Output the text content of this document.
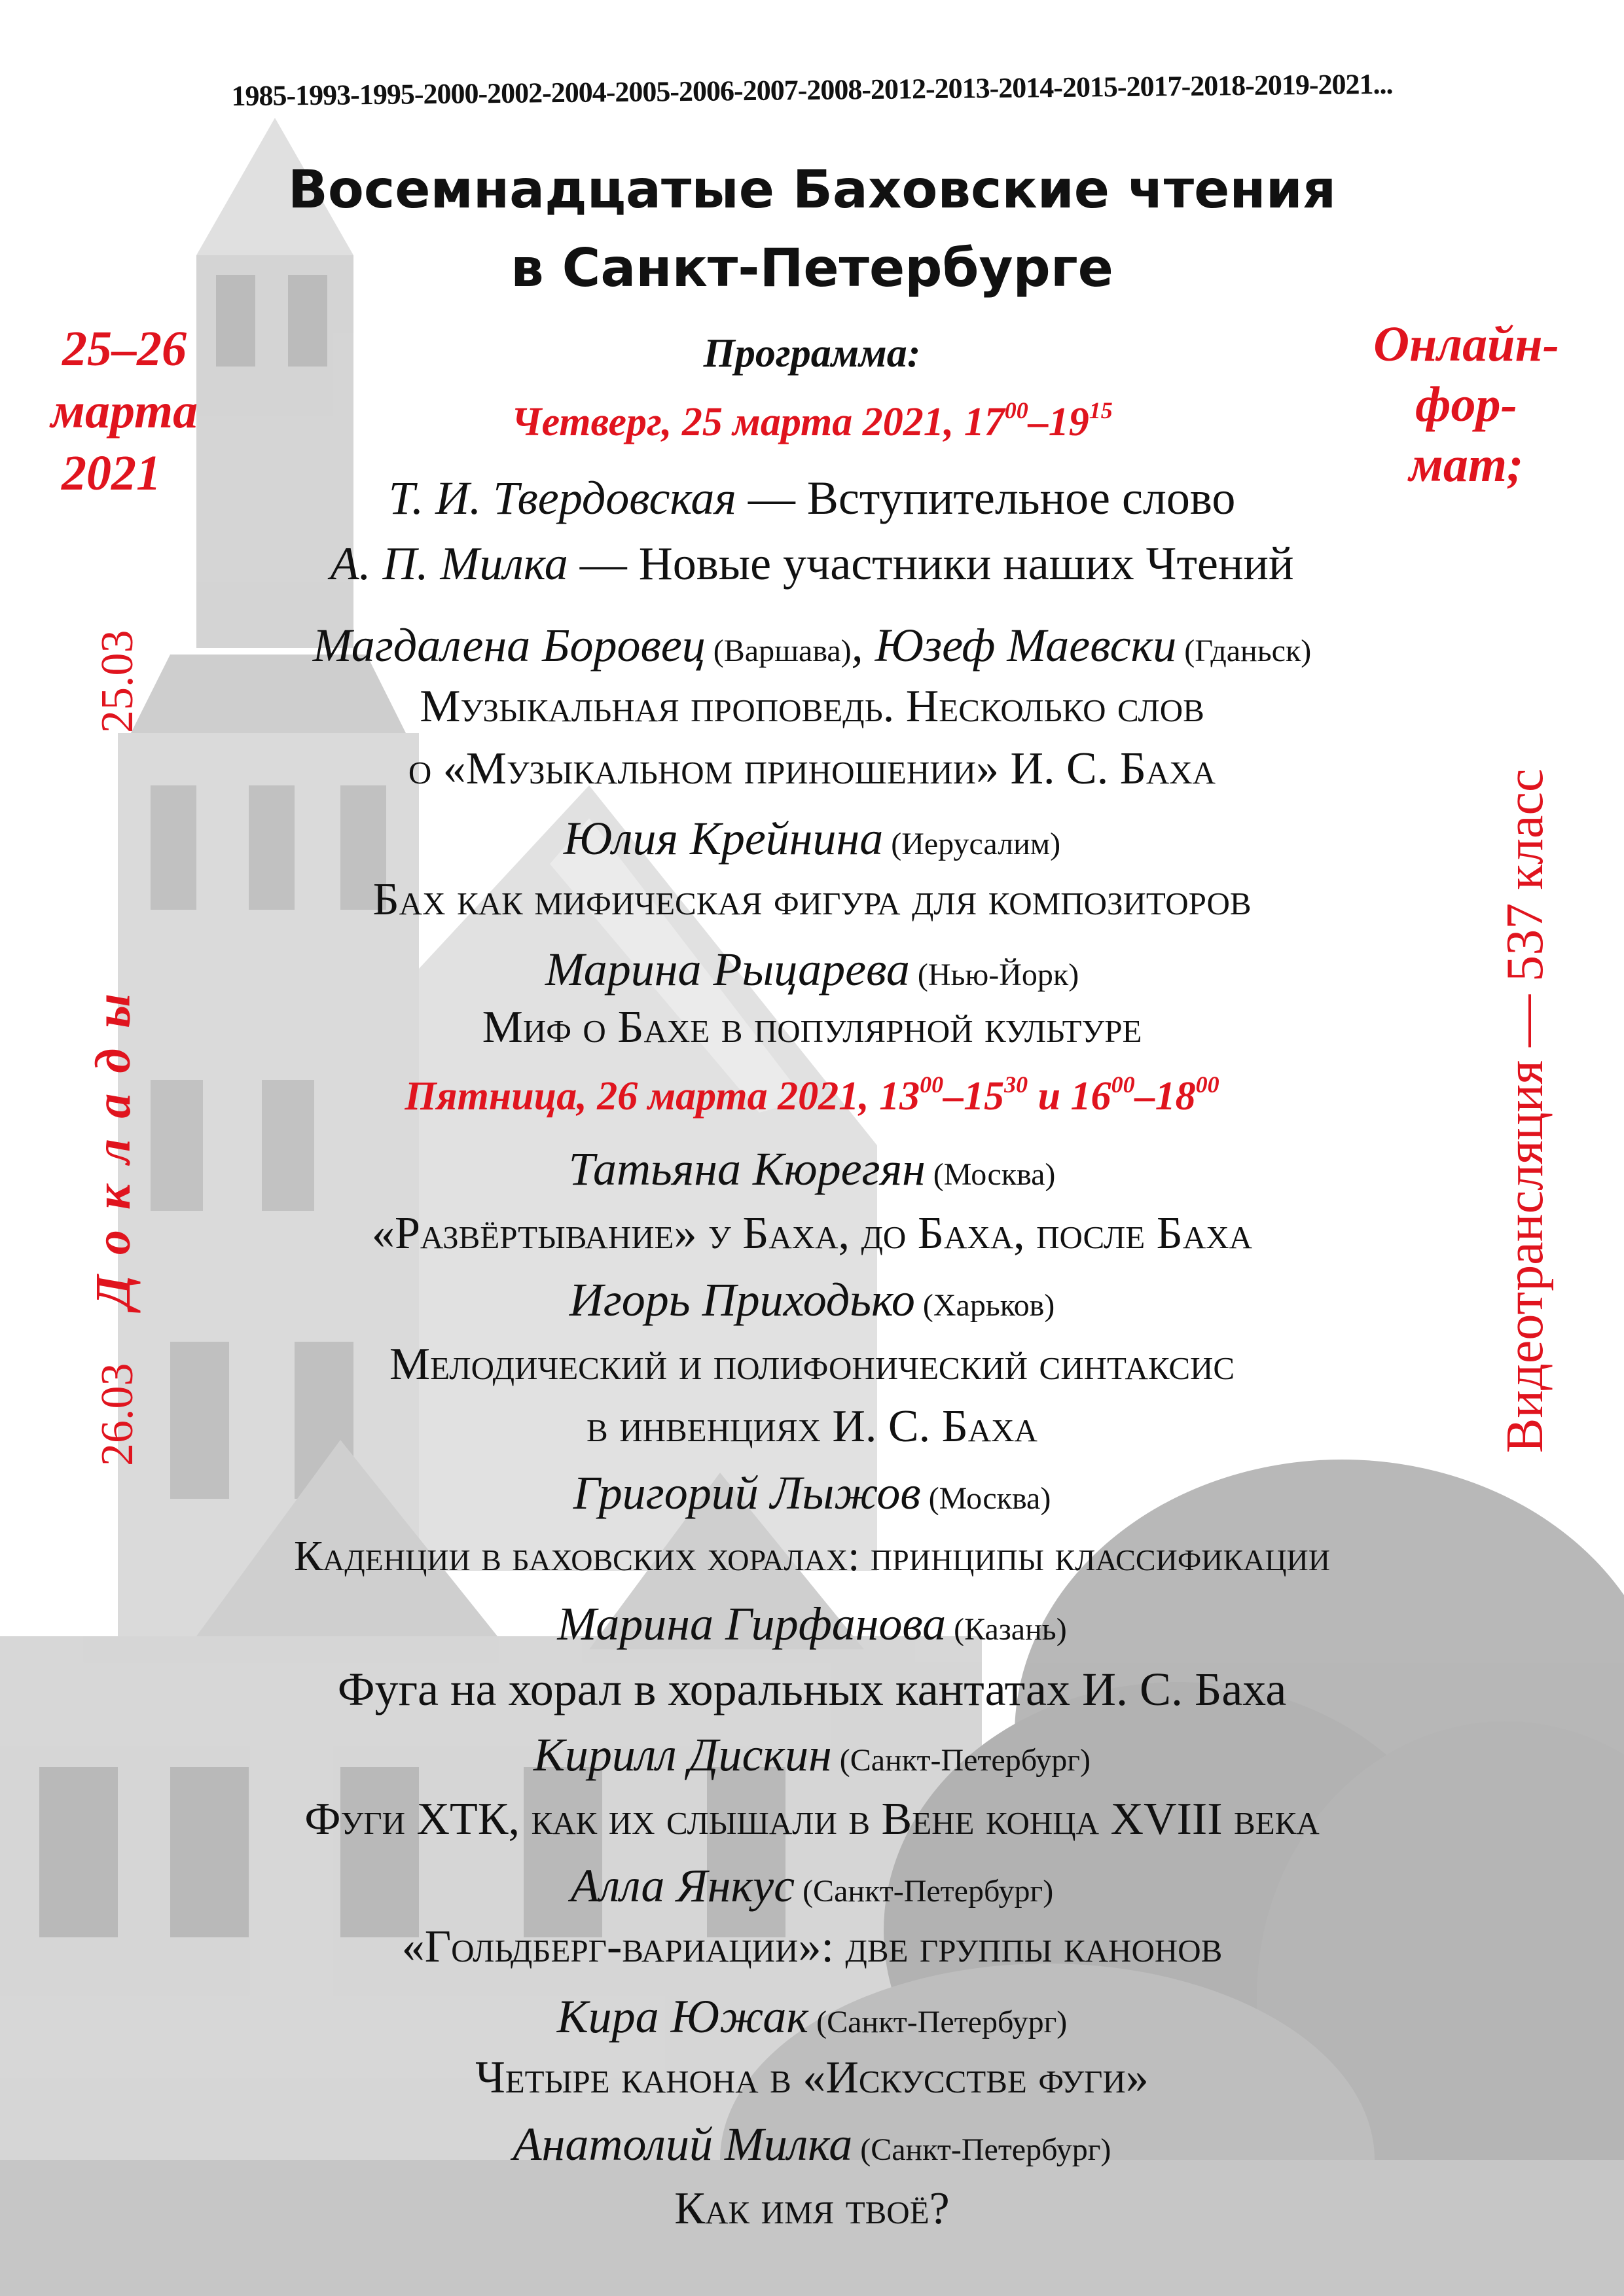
1985-1993-1995-2000-2002-2004-2005-2006-2007-2008-2012-2013-2014-2015-2017-2018-2019-2021...
Восемнадцатые Баховские чтения
в Санкт-Петербурге
25–26
марта
2021
Онлайн-
фор-
мат;
Программа:
Четверг, 25 марта 2021, $17^{00}-19^{15}$
Т. И. Твердовская — Вступительное слово
А. П. Милка — Новые участники наших Чтений
Магдалена Боровец (Варшава), Юзеф Маевски (Гданьск)
Музыкальная проповедь. Несколько слов
о «Музыкальном приношении» И. С. Баха
Юлия Крейнина (Иерусалим)
Бах как мифическая фигура для композиторов
Марина Рыцарева (Нью-Йорк)
Миф о Бахе в популярной культуре
Пятница, 26 марта 2021, $13^{00}-15^{30}$ и $16^{00}-18^{00}$
Татьяна Кюрегян (Москва)
«Развёртывание» у Баха, до Баха, после Баха
Игорь Приходько (Харьков)
Мелодический и полифонический синтаксис
в инвенциях И. С. Баха
Григорий Лыжов (Москва)
Каденции в баховских хоралах: принципы классификации
Марина Гирфанова (Казань)
Фуга на хорал в хоральных кантатах И. С. Баха
Кирилл Дискин (Санкт-Петербург)
Фуги ХТК, как их слышали в Вене конца XVIII века
Алла Янкус (Санкт-Петербург)
«Гольдберг-вариации»: две группы канонов
Кира Южак (Санкт-Петербург)
Четыре канона в «Искусстве фуги»
Анатолий Милка (Санкт-Петербург)
Как имя твоё?
25.03
Д о к л а д ы
26.03	Видеотрансляция — 537 класс
